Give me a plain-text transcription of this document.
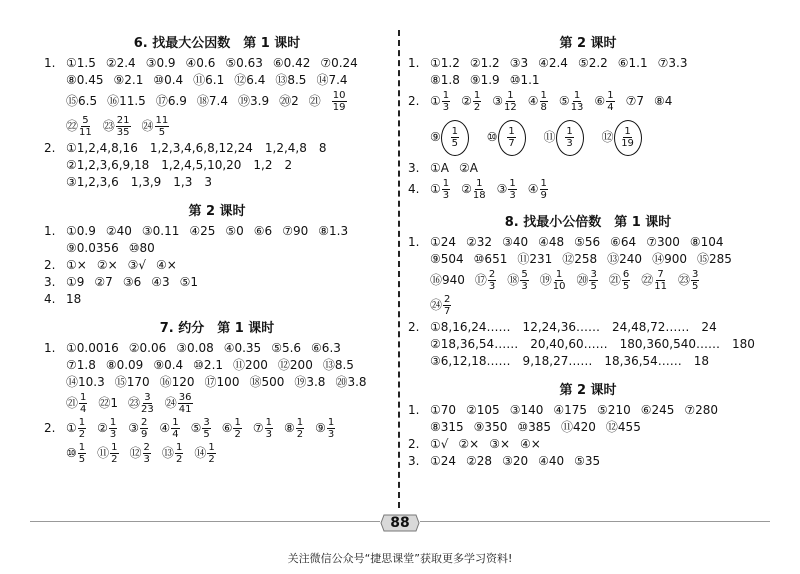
6. 找最大公因数　第 1 课时
1. ①1.5 ②2.4 ③0.9 ④0.6 ⑤0.63 ⑥0.42 ⑦0.24
⑧0.45 ⑨2.1 ⑩0.4 ⑪6.1 ⑫6.4 ⑬8.5 ⑭7.4
⑮6.5 ⑯11.5 ⑰6.9 ⑱7.4 ⑲3.9 ⑳2 ㉑ $\frac{10}{19}$
㉒ $\frac{5}{11}$ ㉓ $\frac{21}{35}$ ㉔ $\frac{11}{5}$
2. ①1,2,4,8,16　1,2,3,4,6,8,12,24　1,2,4,8　8
②1,2,3,6,9,18　1,2,4,5,10,20　1,2　2
③1,2,3,6　1,3,9　1,3　3
第 2 课时
1. ①0.9 ②40 ③0.11 ④25 ⑤0 ⑥6 ⑦90 ⑧1.3
⑨0.0356 ⑩80
2. ①× ②× ③√ ④×
3. ①9 ②7 ③6 ④3 ⑤1
4. 18
7. 约分　第 1 课时
1. ①0.0016 ②0.06 ③0.08 ④0.35 ⑤5.6 ⑥6.3
⑦1.8 ⑧0.09 ⑨0.4 ⑩2.1 ⑪200 ⑫200 ⑬8.5
⑭10.3 ⑮170 ⑯120 ⑰100 ⑱500 ⑲3.8 ⑳3.8
㉑ $\frac{1}{4}$ ㉒1 ㉓ $\frac{3}{23}$ ㉔ $\frac{36}{41}$
2. ① $\frac{1}{2}$ ② $\frac{1}{3}$ ③ $\frac{2}{9}$ ④ $\frac{1}{4}$ ⑤ $\frac{3}{5}$ ⑥ $\frac{1}{2}$ ⑦ $\frac{1}{3}$ ⑧ $\frac{1}{2}$ ⑨ $\frac{1}{3}$
⑩ $\frac{1}{5}$ ⑪ $\frac{1}{2}$ ⑫ $\frac{2}{3}$ ⑬ $\frac{1}{2}$ ⑭ $\frac{1}{2}$
第 2 课时
1. ①1.2 ②1.2 ③3 ④2.4 ⑤2.2 ⑥1.1 ⑦3.3
⑧1.8 ⑨1.9 ⑩1.1
2. ① $\frac{1}{3}$ ② $\frac{1}{2}$ ③ $\frac{1}{12}$ ④ $\frac{1}{8}$ ⑤ $\frac{1}{13}$ ⑥ $\frac{1}{4}$ ⑦7 ⑧4
⑨ $\frac{1}{5}$ ⑩ $\frac{1}{7}$ ⑪ $\frac{1}{3}$ ⑫ $\frac{1}{19}$
3. ①A ②A
4. ① $\frac{1}{3}$ ② $\frac{1}{18}$ ③ $\frac{1}{3}$ ④ $\frac{1}{9}$
8. 找最小公倍数　第 1 课时
1. ①24 ②32 ③40 ④48 ⑤56 ⑥64 ⑦300 ⑧104
⑨504 ⑩651 ⑪231 ⑫258 ⑬240 ⑭900 ⑮285
⑯940 ⑰ $\frac{2}{3}$ ⑱ $\frac{5}{3}$ ⑲ $\frac{1}{10}$ ⑳ $\frac{3}{5}$ ㉑ $\frac{6}{5}$ ㉒ $\frac{7}{11}$ ㉓ $\frac{3}{5}$
㉔ $\frac{2}{7}$
2. ①8,16,24……　12,24,36……　24,48,72……　24
②18,36,54……　20,40,60……　180,360,540……　180
③6,12,18……　9,18,27……　18,36,54……　18
第 2 课时
1. ①70 ②105 ③140 ④175 ⑤210 ⑥245 ⑦280
⑧315 ⑨350 ⑩385 ⑪420 ⑫455
2. ①√ ②× ③× ④×
3. ①24 ②28 ③20 ④40 ⑤35
88
关注微信公众号“捷思课堂”获取更多学习资料!
